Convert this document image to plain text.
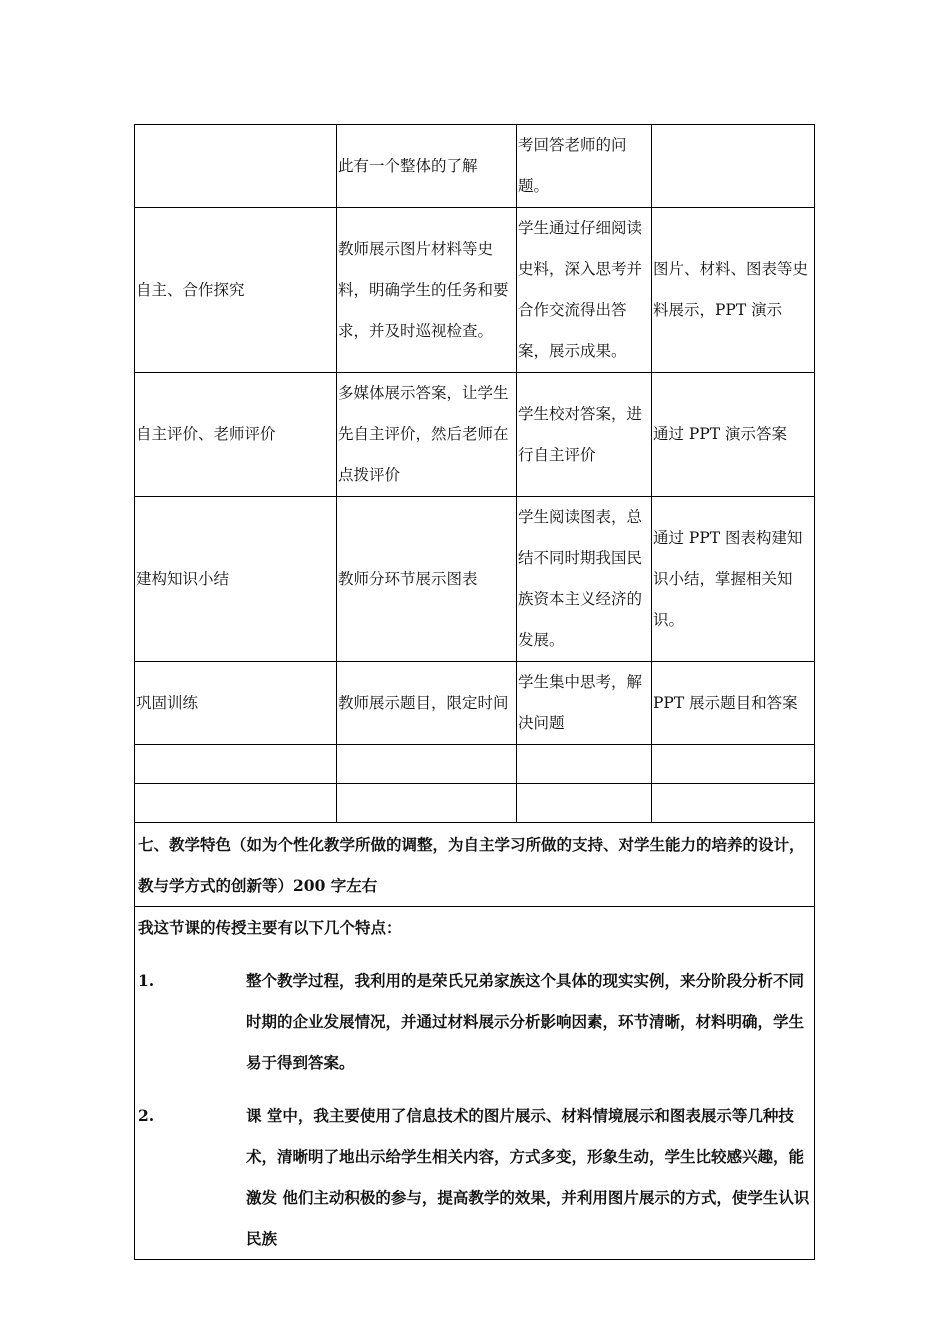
	此有一个整体的了解	考回答老师的问题。	
自主、合作探究	教师展示图片材料等史料，明确学生的任务和要求，并及时巡视检查。	学生通过仔细阅读史料，深入思考并合作交流得出答案，展示成果。	图片、材料、图表等史料展示，PPT 演示
自主评价、老师评价	多媒体展示答案，让学生先自主评价，然后老师在点拨评价	学生校对答案，进行自主评价	通过 PPT 演示答案
建构知识小结	教师分环节展示图表	学生阅读图表，总结不同时期我国民族资本主义经济的发展。	通过 PPT 图表构建知识小结，掌握相关知识。
巩固训练	教师展示题目，限定时间	学生集中思考，解决问题	PPT 展示题目和答案

七、教学特色（如为个性化教学所做的调整，为自主学习所做的支持、对学生能力的培养的设计，教与学方式的创新等）200 字左右			

我这节课的传授主要有以下几个特点：
1. 整个教学过程，我利用的是荣氏兄弟家族这个具体的现实实例，来分阶段分析不同时期的企业发展情况，并通过材料展示分析影响因素，环节清晰，材料明确，学生易于得到答案。
2. 课 堂中，我主要使用了信息技术的图片展示、材料情境展示和图表展示等几种技术，清晰明了地出示给学生相关内容，方式多变，形象生动，学生比较感兴趣，能激发 他们主动积极的参与，提高教学的效果，并利用图片展示的方式，使学生认识民族			
